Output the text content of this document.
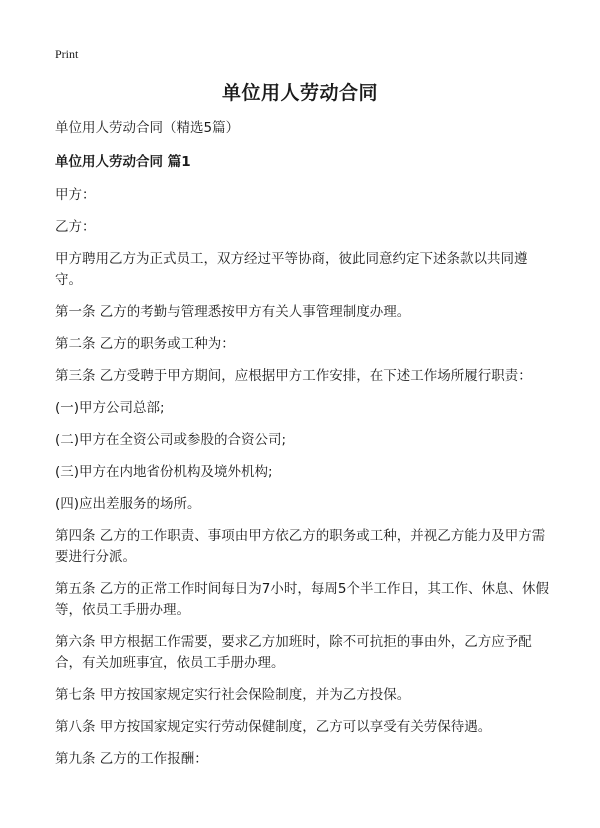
Print
单位用人劳动合同

单位用人劳动合同（精选5篇）

单位用人劳动合同 篇1

甲方：

乙方：

甲方聘用乙方为正式员工，双方经过平等协商，彼此同意约定下述条款以共同遵守。

第一条 乙方的考勤与管理悉按甲方有关人事管理制度办理。

第二条 乙方的职务或工种为：

第三条 乙方受聘于甲方期间，应根据甲方工作安排，在下述工作场所履行职责：

(一)甲方公司总部;

(二)甲方在全资公司或参股的合资公司;

(三)甲方在内地省份机构及境外机构;

(四)应出差服务的场所。

第四条 乙方的工作职责、事项由甲方依乙方的职务或工种，并视乙方能力及甲方需要进行分派。

第五条 乙方的正常工作时间每日为7小时，每周5个半工作日，其工作、休息、休假等，依员工手册办理。

第六条 甲方根据工作需要，要求乙方加班时，除不可抗拒的事由外，乙方应予配合，有关加班事宜，依员工手册办理。

第七条 甲方按国家规定实行社会保险制度，并为乙方投保。

第八条 甲方按国家规定实行劳动保健制度，乙方可以享受有关劳保待遇。

第九条 乙方的工作报酬：
